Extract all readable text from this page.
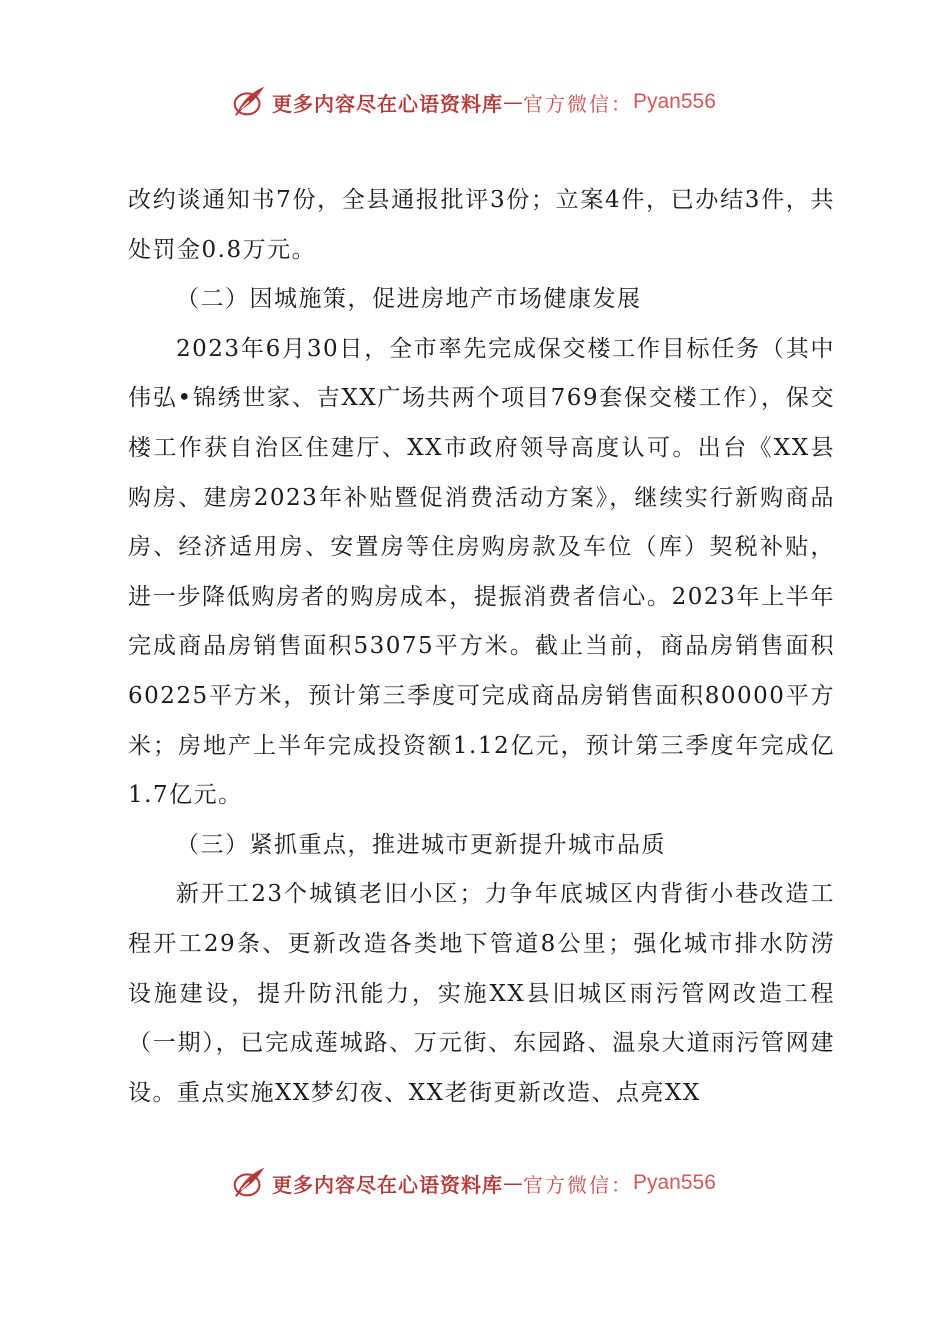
更多内容尽在心语资料库 — 官方微信： Pyan556

改约谈通知书7份，全县通报批评3份；立案4件，已办结3件，共处罚金0.8万元。

（二）因城施策，促进房地产市场健康发展

2023年6月30日，全市率先完成保交楼工作目标任务（其中伟弘•锦绣世家、吉XX广场共两个项目769套保交楼工作），保交楼工作获自治区住建厅、XX市政府领导高度认可。出台《XX县购房、建房2023年补贴暨促消费活动方案》，继续实行新购商品房、经济适用房、安置房等住房购房款及车位（库）契税补贴，进一步降低购房者的购房成本，提振消费者信心。2023年上半年完成商品房销售面积53075平方米。截止当前，商品房销售面积60225平方米，预计第三季度可完成商品房销售面积80000平方米；房地产上半年完成投资额1.12亿元，预计第三季度年完成亿1.7亿元。

（三）紧抓重点，推进城市更新提升城市品质

新开工23个城镇老旧小区；力争年底城区内背街小巷改造工程开工29条、更新改造各类地下管道8公里；强化城市排水防涝设施建设，提升防汛能力，实施XX县旧城区雨污管网改造工程（一期），已完成莲城路、万元街、东园路、温泉大道雨污管网建设。重点实施XX梦幻夜、XX老街更新改造、点亮XX

更多内容尽在心语资料库 — 官方微信： Pyan556
